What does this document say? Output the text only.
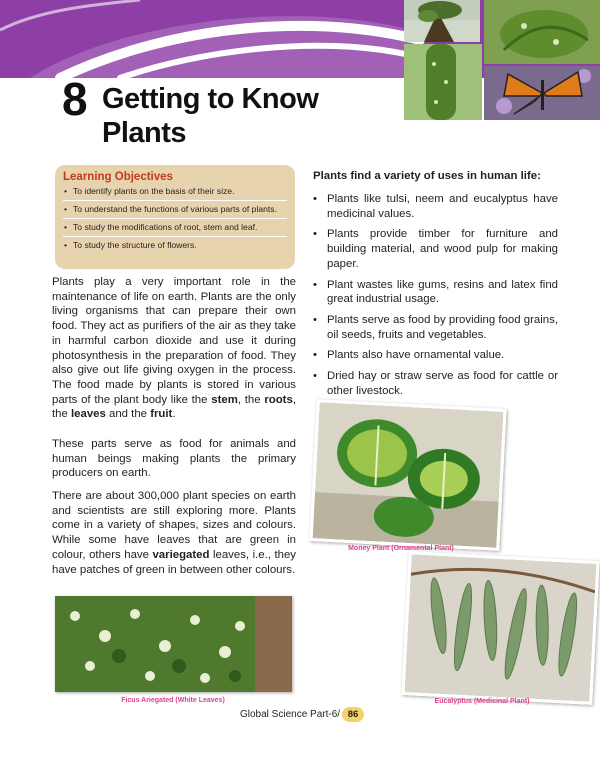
8 Getting to Know Plants
Learning Objectives
• To identify plants on the basis of their size.
• To understand the functions of various parts of plants.
• To study the modifications of root, stem and leaf.
• To study the structure of flowers.

Plants play a very important role in the maintenance of life on earth. Plants are the only living organisms that can prepare their own food. They act as purifiers of the air as they take in harmful carbon dioxide and use it during photosynthesis in the preparation of food. They also give out life giving oxygen in the process. The food made by plants is stored in various parts of the plant body like the stem, the roots, the leaves and the fruit.

These parts serve as food for animals and human beings making plants the primary producers on earth.

There are about 300,000 plant species on earth and scientists are still exploring more. Plants come in a variety of shapes, sizes and colours. While some have leaves that are green in colour, others have variegated leaves, i.e., they have patches of green in between other colours.

Plants find a variety of uses in human life:
• Plants like tulsi, neem and eucalyptus have medicinal values.
• Plants provide timber for furniture and building material, and wood pulp for making paper.
• Plant wastes like gums, resins and latex find great industrial usage.
• Plants serve as food by providing food grains, oil seeds, fruits and vegetables.
• Plants also have ornamental value.
• Dried hay or straw serve as food for cattle or other livestock.
Money Plant (Ornamental Plant)
Eucalyptus (Medicinal Plant)
Ficus Ariegated (White Leaves)
Global Science Part-6/ 86
